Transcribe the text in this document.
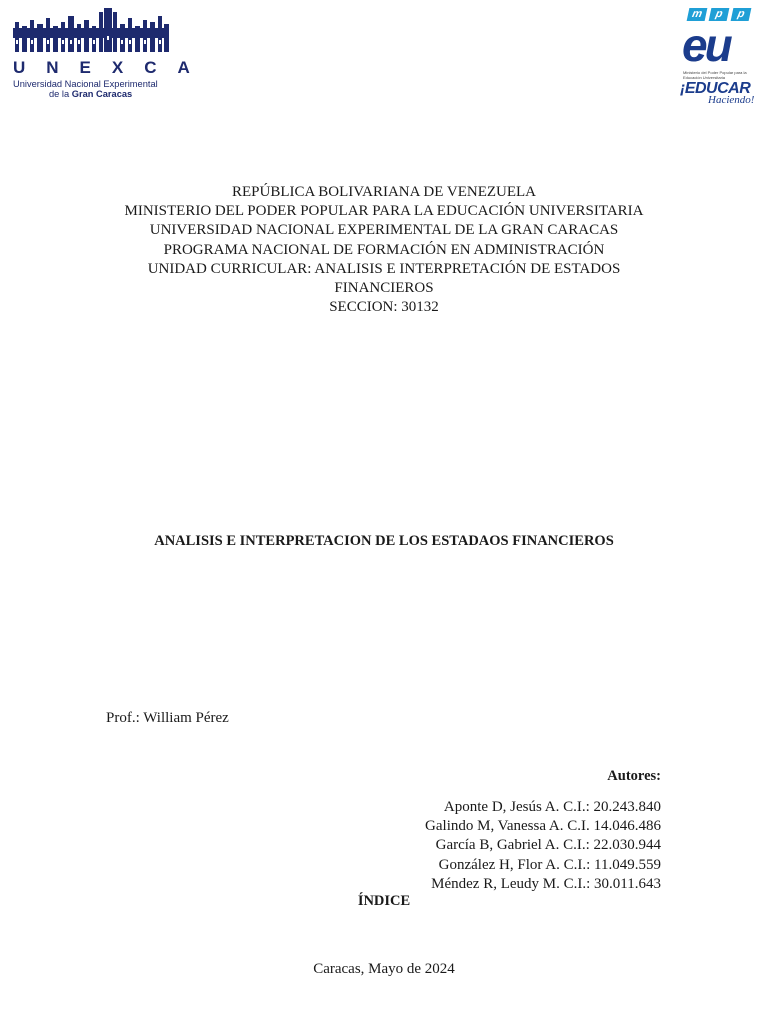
UNEXCA
Universidad Nacional Experimental
de la Gran Caracas
m	p	p
eu
Ministerio del Poder Popular para la Educación Universitaria
¡EDUCAR
Haciendo!
REPÚBLICA BOLIVARIANA DE VENEZUELA
MINISTERIO DEL PODER POPULAR PARA LA EDUCACIÓN UNIVERSITARIA
UNIVERSIDAD NACIONAL EXPERIMENTAL DE LA GRAN CARACAS
PROGRAMA NACIONAL DE FORMACIÓN EN ADMINISTRACIÓN
UNIDAD CURRICULAR: ANALISIS E INTERPRETACIÓN DE ESTADOS
FINANCIEROS
SECCION: 30132
ANALISIS E INTERPRETACION DE LOS ESTADAOS FINANCIEROS
Prof.: William Pérez
Autores:
Aponte D, Jesús A. C.I.: 20.243.840
Galindo M, Vanessa A. C.I. 14.046.486
García B, Gabriel A. C.I.: 22.030.944
González H, Flor A. C.I.: 11.049.559
Méndez R, Leudy M. C.I.: 30.011.643
ÍNDICE
Caracas, Mayo de 2024
